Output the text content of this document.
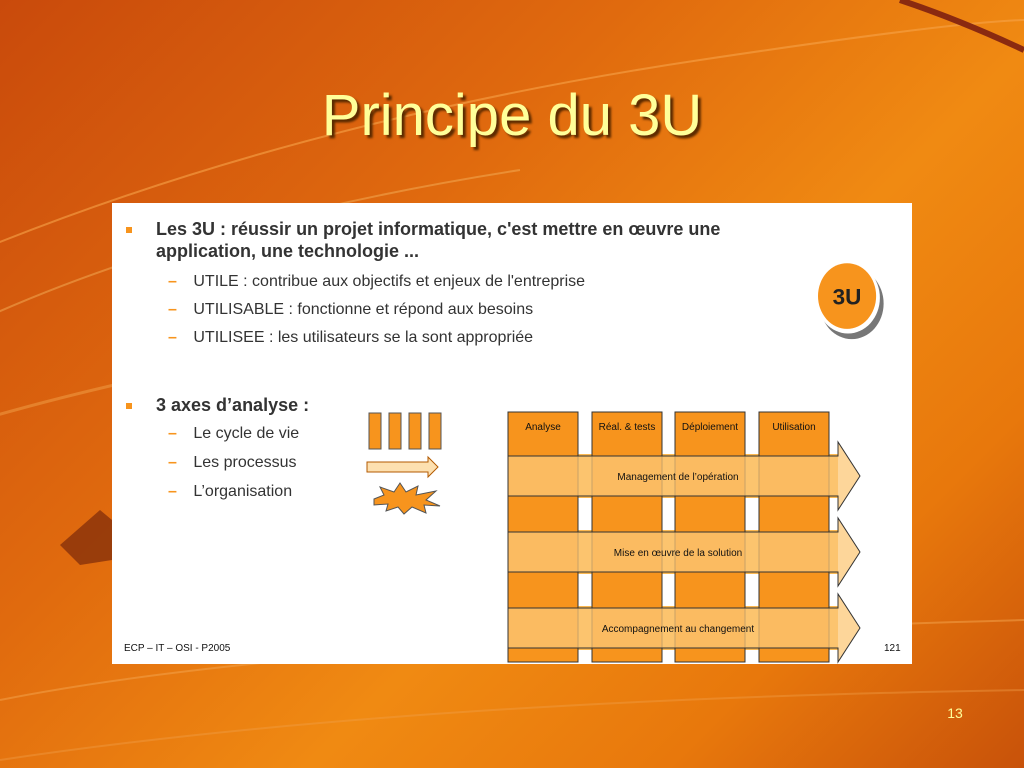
Principe du 3U
Les 3U : réussir un projet informatique, c'est mettre en œuvre une
application, une technologie ...
– UTILE : contribue aux objectifs et enjeux de l'entreprise
– UTILISABLE : fonctionne et répond aux besoins
– UTILISEE : les utilisateurs se la sont appropriée
3U
3 axes d’analyse :
– Le cycle de vie
– Les processus
– L’organisation
Analyse	Réal. & tests	Déploiement	Utilisation
Management de l’opération
Mise en œuvre de la solution
Accompagnement au changement
ECP – IT – OSI - P2005	121
13
